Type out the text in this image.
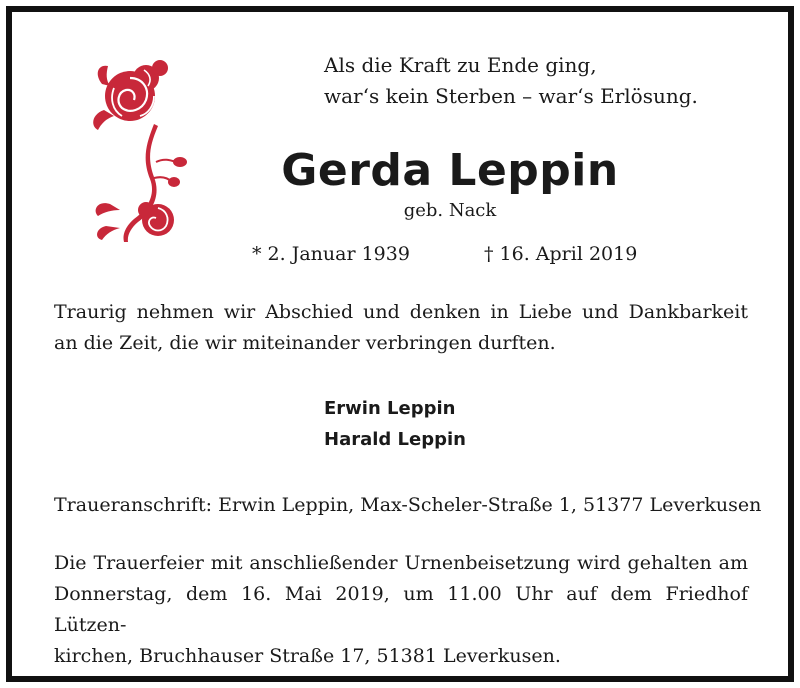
Als die Kraft zu Ende ging,
war‘s kein Sterben – war‘s Erlösung.
Gerda Leppin
geb. Nack
* 2. Januar 1939	† 16. April 2019
Traurig nehmen wir Abschied und denken in Liebe und Dankbarkeit
an die Zeit, die wir miteinander verbringen durften.
Erwin Leppin
Harald Leppin
Traueranschrift: Erwin Leppin, Max-Scheler-Straße 1, 51377 Leverkusen
Die Trauerfeier mit anschließender Urnenbeisetzung wird gehalten am
Donnerstag, dem 16. Mai 2019, um 11.00 Uhr auf dem Friedhof Lützen-
kirchen, Bruchhauser Straße 17, 51381 Leverkusen.
